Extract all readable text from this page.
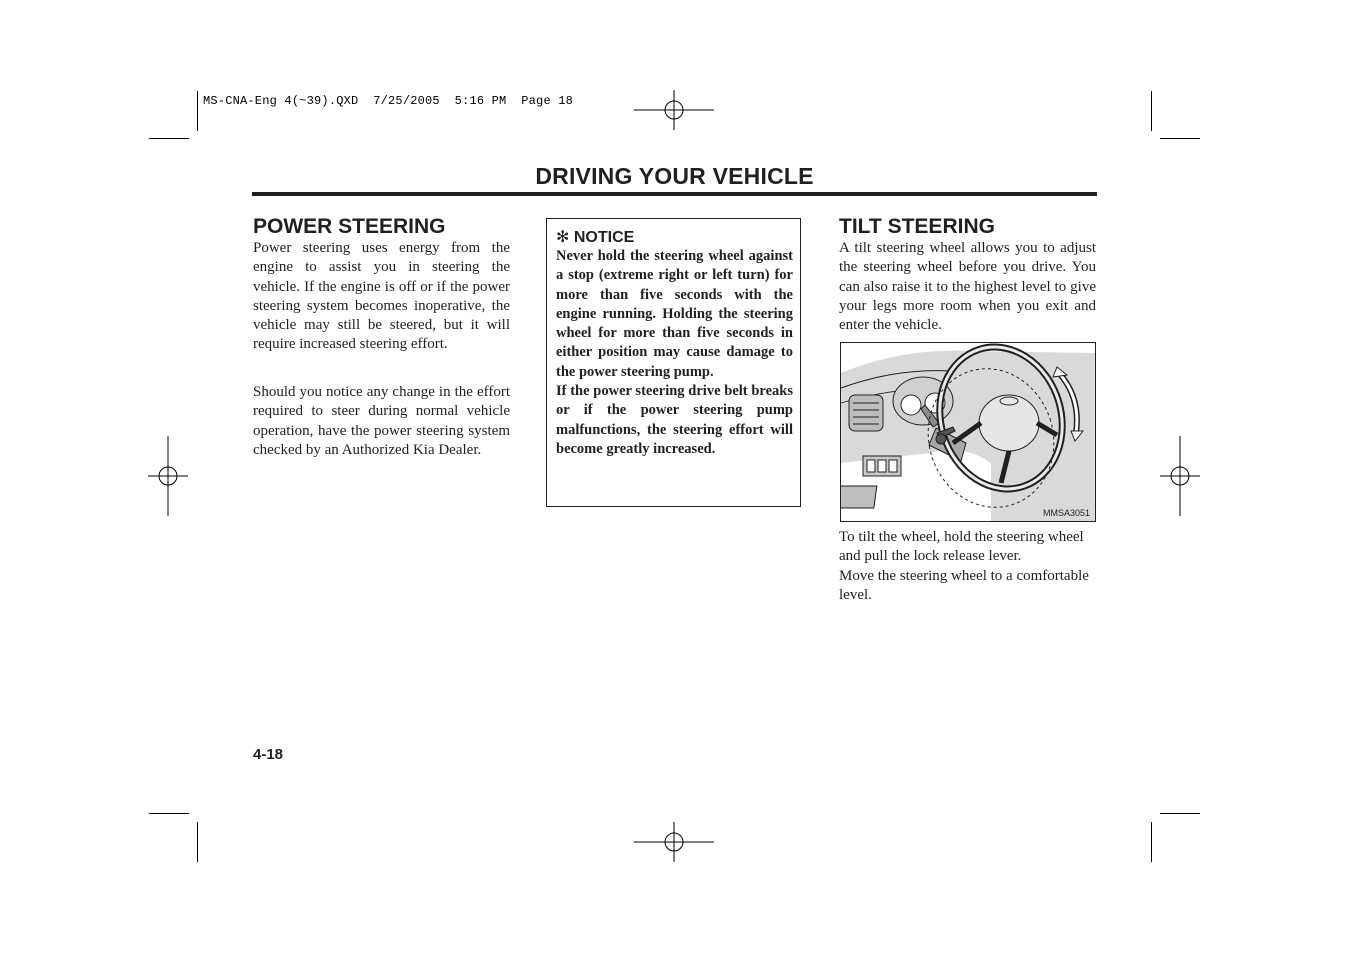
MS-CNA-Eng 4(~39).QXD  7/25/2005  5:16 PM  Page 18
DRIVING YOUR VEHICLE
POWER STEERING

Power steering uses energy from the engine to assist you in steering the vehicle. If the engine is off or if the power steering system becomes inoperative, the vehicle may still be steered, but it will require increased steering effort.

Should you notice any change in the effort required to steer during normal vehicle operation, have the power steering system checked by an Authorized Kia Dealer.

✻ NOTICE

Never hold the steering wheel against a stop (extreme right or left turn) for more than five seconds with the engine running. Holding the steering wheel for more than five seconds in either position may cause damage to the power steering pump.

If the power steering drive belt breaks or if the power steering pump malfunctions, the steering effort will become greatly increased.

TILT STEERING

A tilt steering wheel allows you to adjust the steering wheel before you drive. You can also raise it to the highest level to give your legs more room when you exit and enter the vehicle.

MMSA3051

To tilt the wheel, hold the steering wheel and pull the lock release lever.

Move the steering wheel to a comfortable level.

4-18
